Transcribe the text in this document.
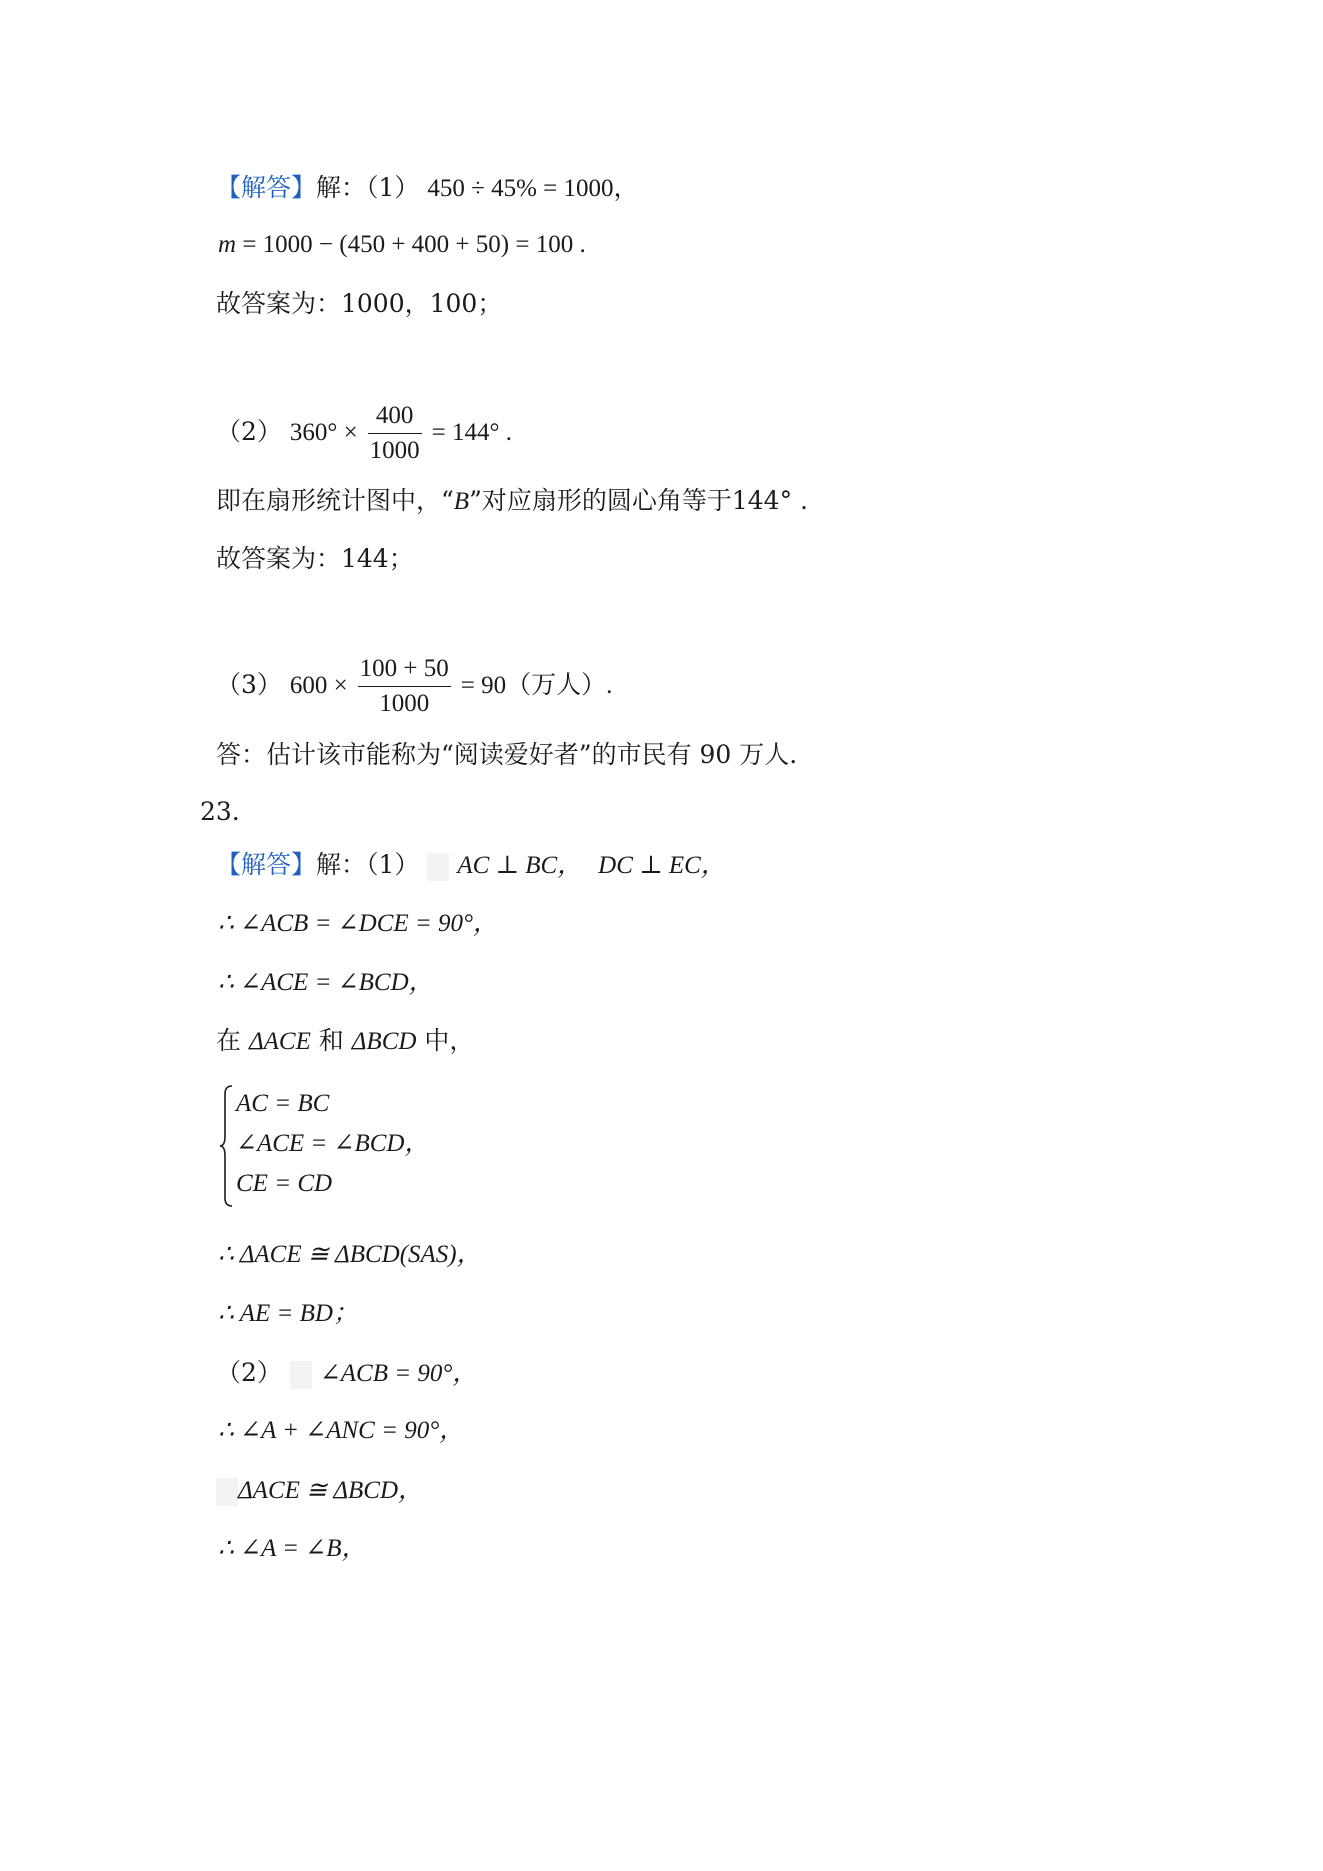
【解答】解：（1） 450 ÷ 45% = 1000，
m = 1000 − (450 + 400 + 50) = 100 .
故答案为：1000，100；
（2） $360^\circ \times \frac{400}{1000} = 144^\circ$ .
即在扇形统计图中，“B”对应扇形的圆心角等于144° .
故答案为：144；
（3） $600 \times \frac{100 + 50}{1000} = 90$（万人）.
答：估计该市能称为“阅读爱好者”的市民有 90 万人.
23.
【解答】解：（1） AC ⊥ BC， DC ⊥ EC，
∴ ∠ACB = ∠DCE = 90°，
∴ ∠ACE = ∠BCD，
在 ΔACE 和 ΔBCD 中，
AC = BC
∠ACE = ∠BCD，
CE = CD
∴ ΔACE ≅ ΔBCD(SAS)，
∴ AE = BD；
（2） ∠ACB = 90°，
∴ ∠A + ∠ANC = 90°，
ΔACE ≅ ΔBCD，
∴ ∠A = ∠B，
